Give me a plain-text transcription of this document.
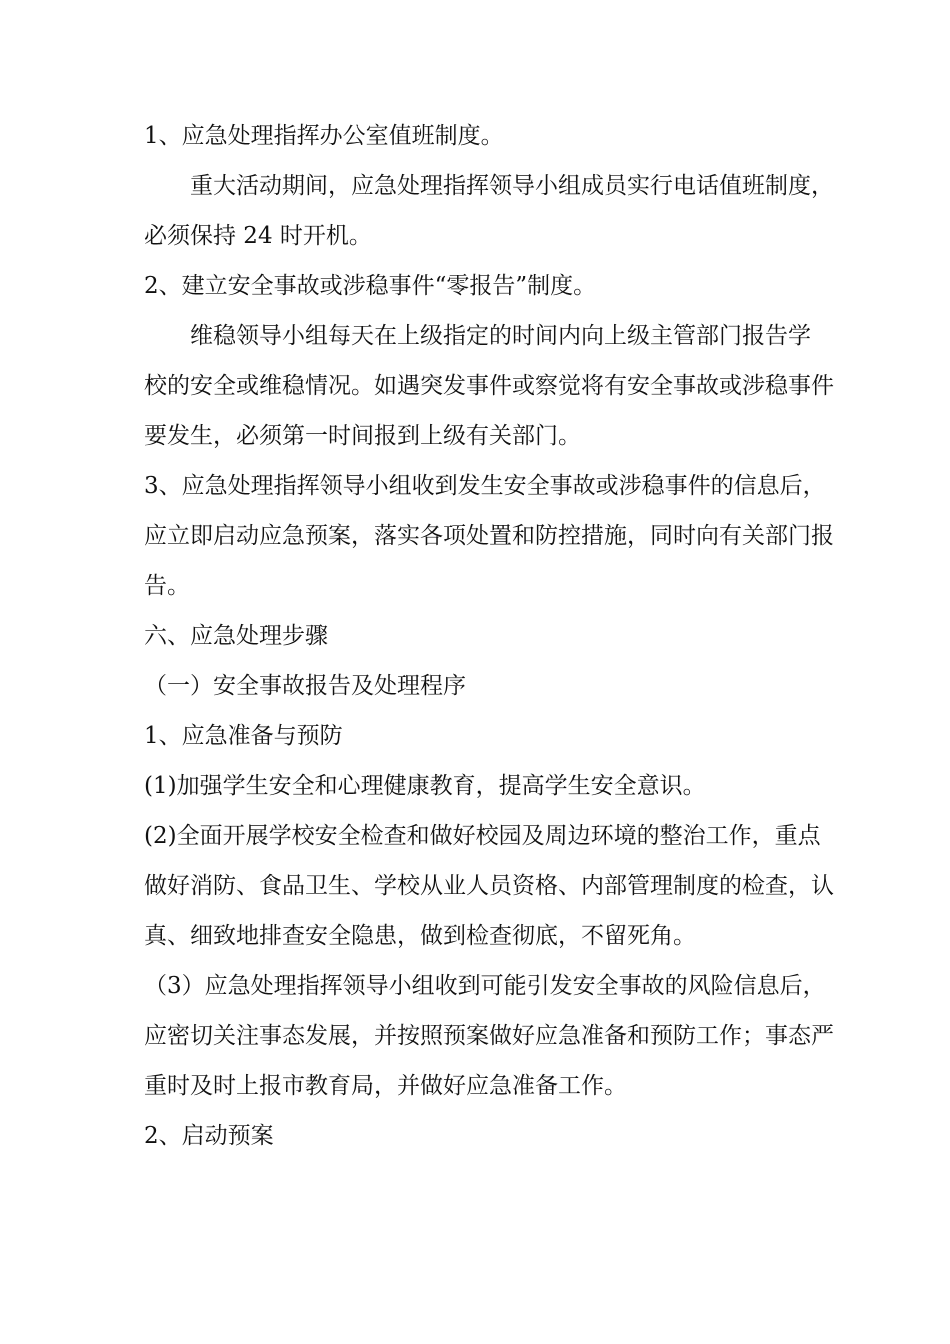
1、应急处理指挥办公室值班制度。
重大活动期间，应急处理指挥领导小组成员实行电话值班制度，
必须保持 24 时开机。
2、建立安全事故或涉稳事件“零报告”制度。
维稳领导小组每天在上级指定的时间内向上级主管部门报告学
校的安全或维稳情况。如遇突发事件或察觉将有安全事故或涉稳事件
要发生，必须第一时间报到上级有关部门。
3、应急处理指挥领导小组收到发生安全事故或涉稳事件的信息后，
应立即启动应急预案，落实各项处置和防控措施，同时向有关部门报
告。
六、应急处理步骤
（一）安全事故报告及处理程序
1、应急准备与预防
(1)加强学生安全和心理健康教育，提高学生安全意识。
(2)全面开展学校安全检查和做好校园及周边环境的整治工作，重点
做好消防、食品卫生、学校从业人员资格、内部管理制度的检查，认
真、细致地排查安全隐患，做到检查彻底，不留死角。
（3）应急处理指挥领导小组收到可能引发安全事故的风险信息后，
应密切关注事态发展，并按照预案做好应急准备和预防工作；事态严
重时及时上报市教育局，并做好应急准备工作。
2、启动预案
